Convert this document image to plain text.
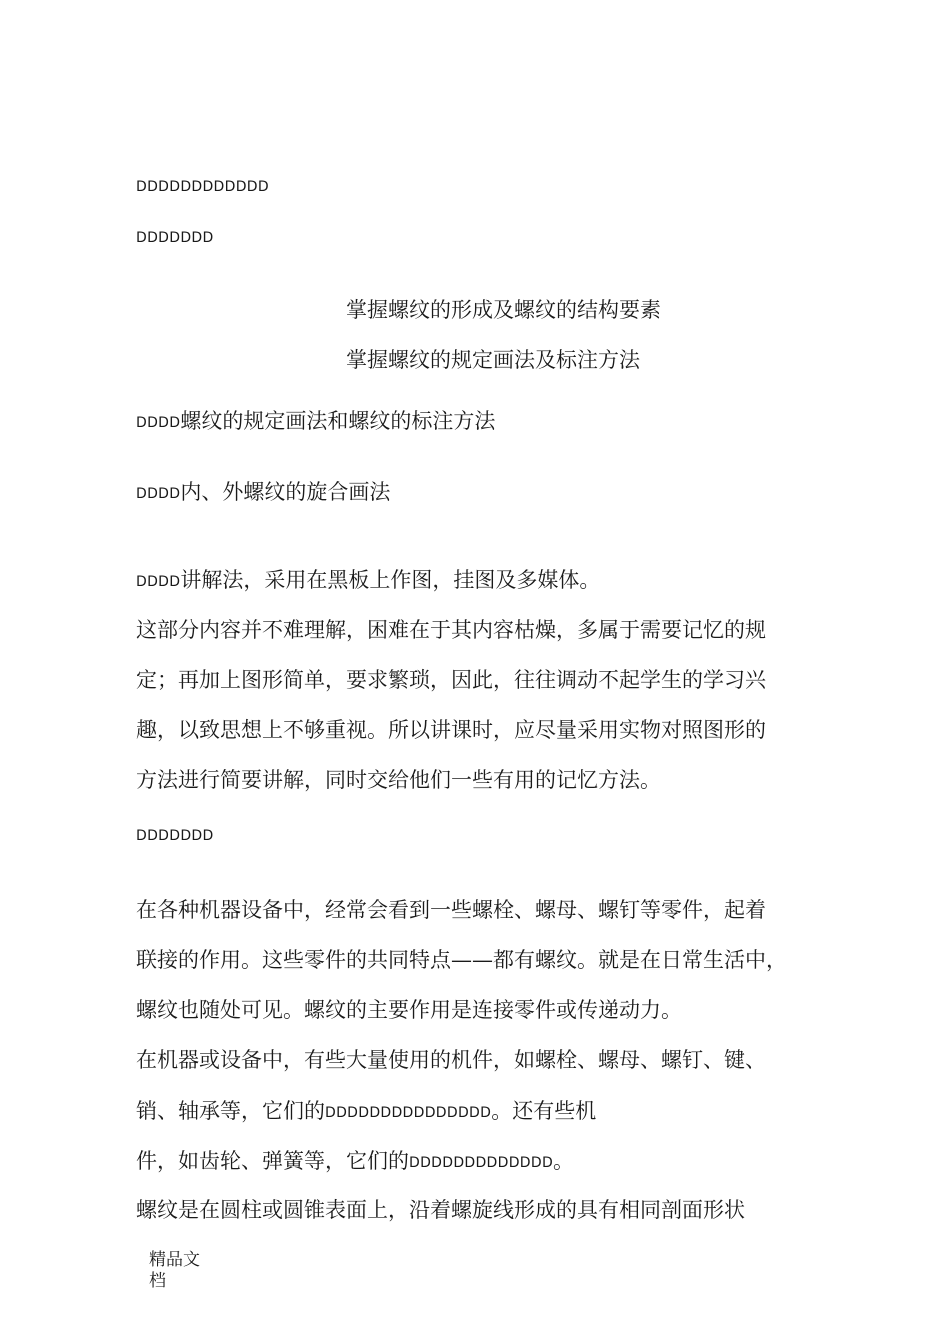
DDDDDDDDDDDD
DDDDDDD
掌握螺纹的形成及螺纹的结构要素
掌握螺纹的规定画法及标注方法
DDDD螺纹的规定画法和螺纹的标注方法
DDDD内、外螺纹的旋合画法
DDDD讲解法，采用在黑板上作图，挂图及多媒体。
这部分内容并不难理解，困难在于其内容枯燥，多属于需要记忆的规
定；再加上图形简单，要求繁琐，因此，往往调动不起学生的学习兴
趣，以致思想上不够重视。所以讲课时，应尽量采用实物对照图形的
方法进行简要讲解，同时交给他们一些有用的记忆方法。
DDDDDDD
在各种机器设备中，经常会看到一些螺栓、螺母、螺钉等零件，起着
联接的作用。这些零件的共同特点——都有螺纹。就是在日常生活中，
螺纹也随处可见。螺纹的主要作用是连接零件或传递动力。
在机器或设备中，有些大量使用的机件，如螺栓、螺母、螺钉、键、
销、轴承等，它们的DDDDDDDDDDDDDDD。还有些机
件，如齿轮、弹簧等，它们的DDDDDDDDDDDDD。
螺纹是在圆柱或圆锥表面上，沿着螺旋线形成的具有相同剖面形状
精品文
档
